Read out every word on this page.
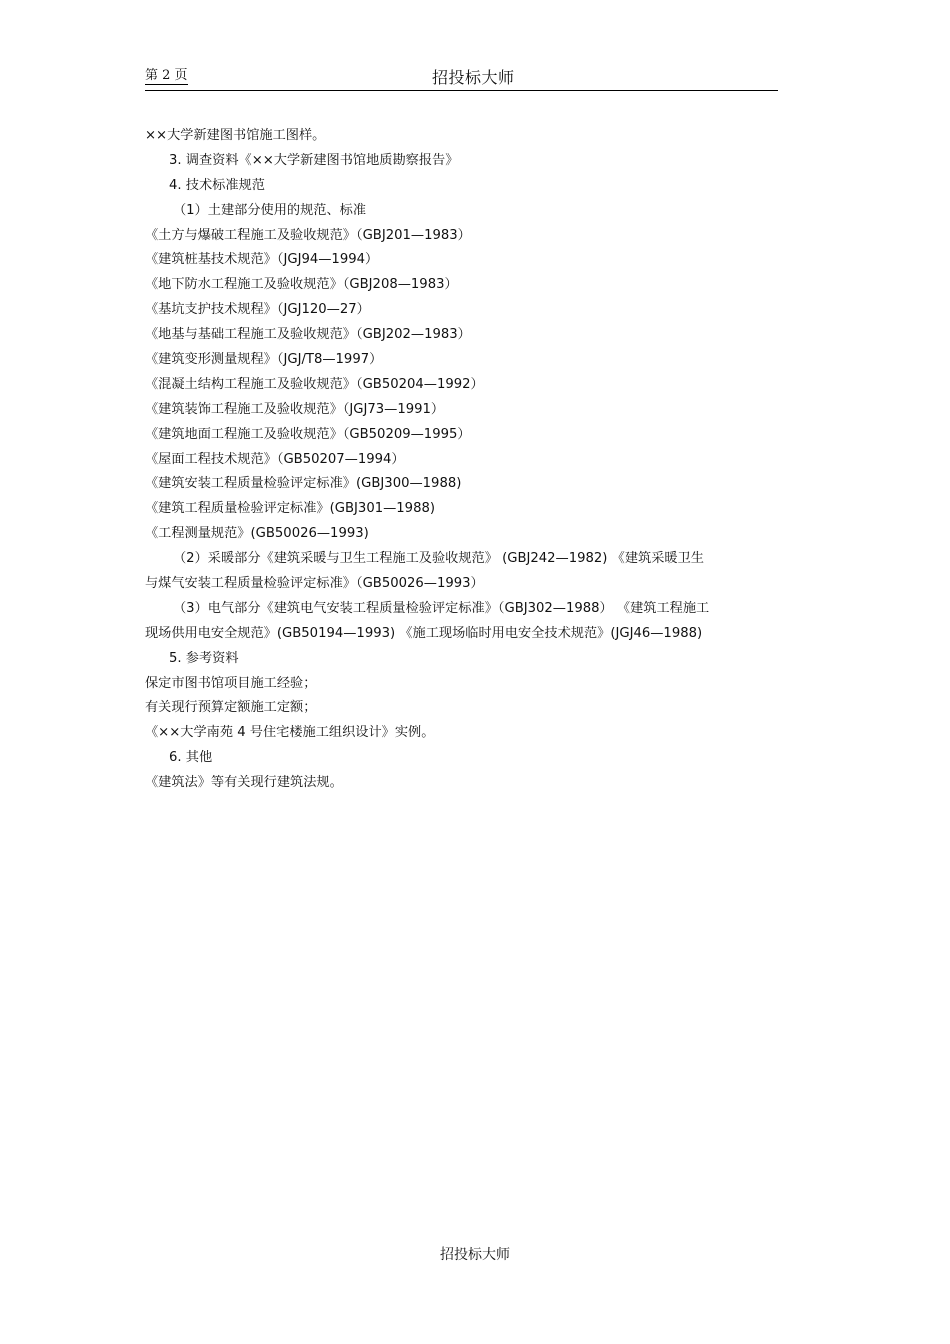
第 2 页	招投标大师
××大学新建图书馆施工图样。
3. 调查资料《××大学新建图书馆地质勘察报告》
4. 技术标准规范
（1）土建部分使用的规范、标准
《土方与爆破工程施工及验收规范》（GBJ201—1983）
《建筑桩基技术规范》（JGJ94—1994）
《地下防水工程施工及验收规范》（GBJ208—1983）
《基坑支护技术规程》（JGJ120—27）
《地基与基础工程施工及验收规范》（GBJ202—1983）
《建筑变形测量规程》（JGJ/T8—1997）
《混凝土结构工程施工及验收规范》（GB50204—1992）
《建筑装饰工程施工及验收规范》（JGJ73—1991）
《建筑地面工程施工及验收规范》（GB50209—1995）
《屋面工程技术规范》（GB50207—1994）
《建筑安装工程质量检验评定标准》(GBJ300—1988)
《建筑工程质量检验评定标准》(GBJ301—1988)
《工程测量规范》(GB50026—1993)
（2）采暖部分《建筑采暖与卫生工程施工及验收规范》 (GBJ242—1982) 《建筑采暖卫生
与煤气安装工程质量检验评定标准》（GB50026—1993）
（3）电气部分《建筑电气安装工程质量检验评定标准》（GBJ302—1988） 《建筑工程施工
现场供用电安全规范》(GB50194—1993) 《施工现场临时用电安全技术规范》(JGJ46—1988)
5. 参考资料
保定市图书馆项目施工经验；
有关现行预算定额施工定额；
《××大学南苑 4 号住宅楼施工组织设计》实例。
6. 其他
《建筑法》等有关现行建筑法规。
招投标大师
